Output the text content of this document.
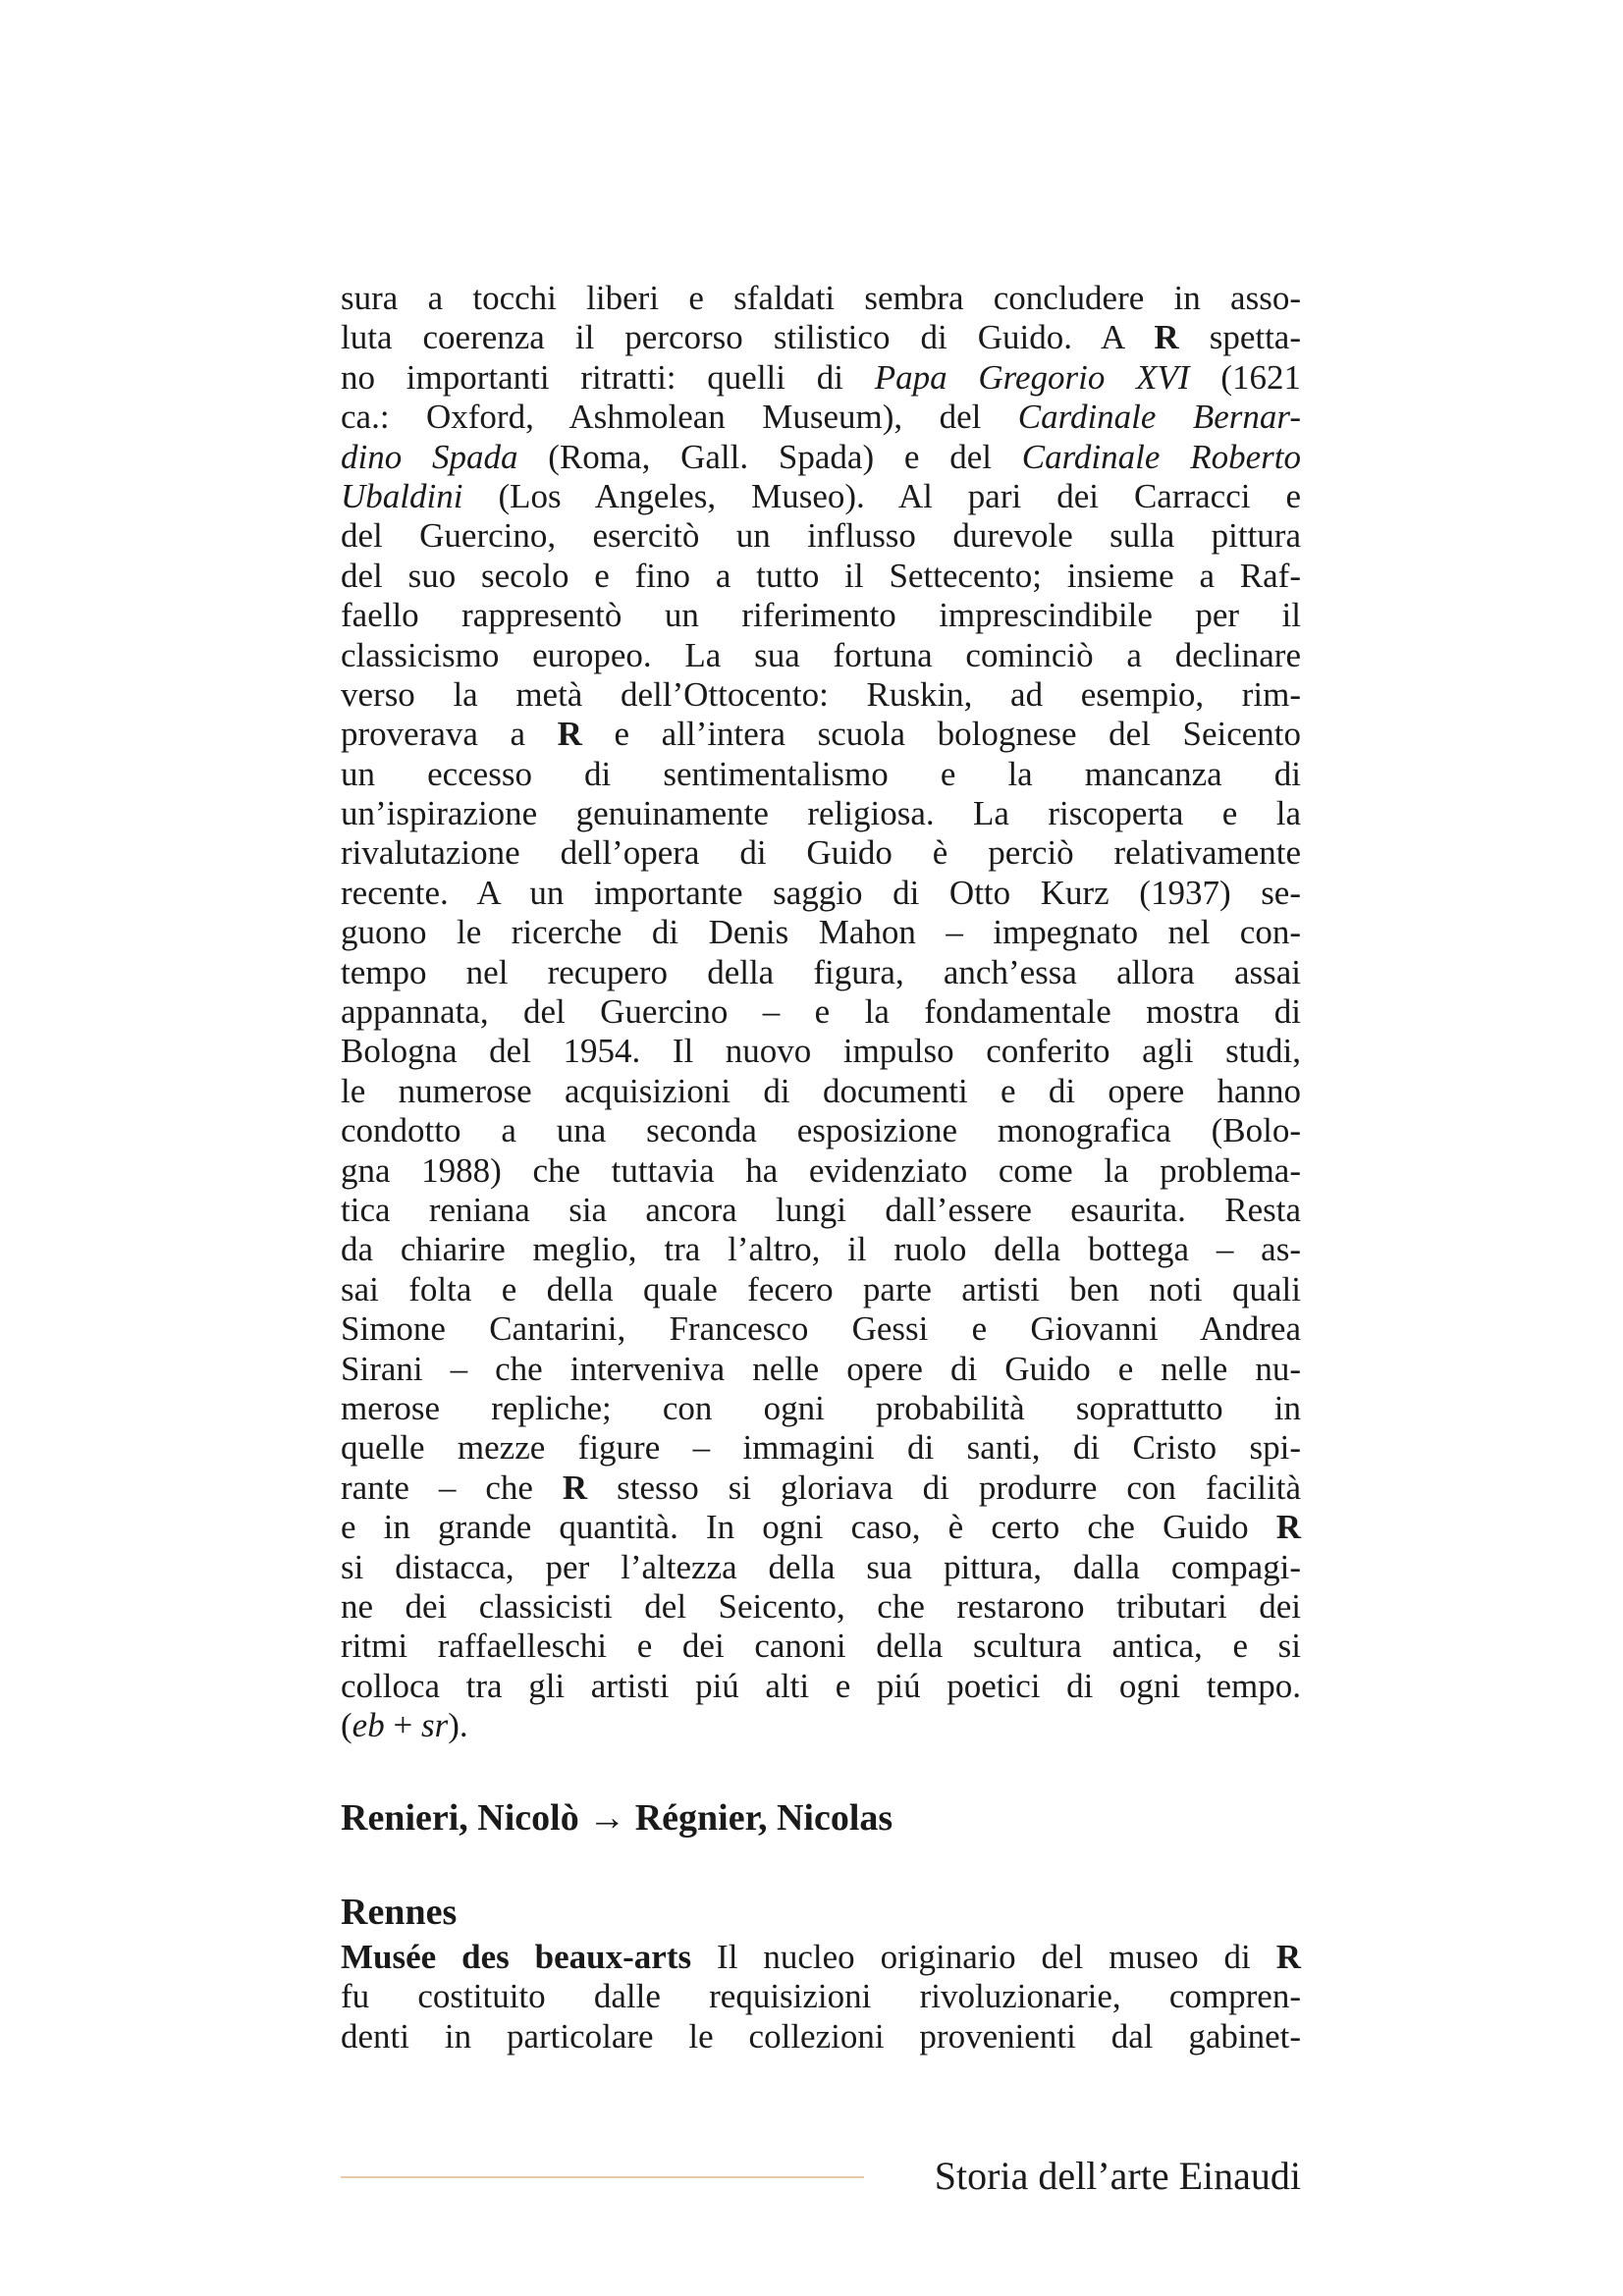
sura a tocchi liberi e sfaldati sembra concludere in asso-
luta coerenza il percorso stilistico di Guido. A R spetta-
no importanti ritratti: quelli di Papa Gregorio XVI (1621
ca.: Oxford, Ashmolean Museum), del Cardinale Bernar-
dino Spada (Roma, Gall. Spada) e del Cardinale Roberto
Ubaldini (Los Angeles, Museo). Al pari dei Carracci e
del Guercino, esercitò un influsso durevole sulla pittura
del suo secolo e fino a tutto il Settecento; insieme a Raf-
faello rappresentò un riferimento imprescindibile per il
classicismo europeo. La sua fortuna cominciò a declinare
verso la metà dell’Ottocento: Ruskin, ad esempio, rim-
proverava a R e all’intera scuola bolognese del Seicento
un eccesso di sentimentalismo e la mancanza di
un’ispirazione genuinamente religiosa. La riscoperta e la
rivalutazione dell’opera di Guido è perciò relativamente
recente. A un importante saggio di Otto Kurz (1937) se-
guono le ricerche di Denis Mahon – impegnato nel con-
tempo nel recupero della figura, anch’essa allora assai
appannata, del Guercino – e la fondamentale mostra di
Bologna del 1954. Il nuovo impulso conferito agli studi,
le numerose acquisizioni di documenti e di opere hanno
condotto a una seconda esposizione monografica (Bolo-
gna 1988) che tuttavia ha evidenziato come la problema-
tica reniana sia ancora lungi dall’essere esaurita. Resta
da chiarire meglio, tra l’altro, il ruolo della bottega – as-
sai folta e della quale fecero parte artisti ben noti quali
Simone Cantarini, Francesco Gessi e Giovanni Andrea
Sirani – che interveniva nelle opere di Guido e nelle nu-
merose repliche; con ogni probabilità soprattutto in
quelle mezze figure – immagini di santi, di Cristo spi-
rante – che R stesso si gloriava di produrre con facilità
e in grande quantità. In ogni caso, è certo che Guido R
si distacca, per l’altezza della sua pittura, dalla compagi-
ne dei classicisti del Seicento, che restarono tributari dei
ritmi raffaelleschi e dei canoni della scultura antica, e si
colloca tra gli artisti piú alti e piú poetici di ogni tempo.
(eb + sr).
Renieri, Nicolò → Régnier, Nicolas
Rennes
Musée des beaux-arts Il nucleo originario del museo di R
fu costituito dalle requisizioni rivoluzionarie, compren-
denti in particolare le collezioni provenienti dal gabinet-
Storia dell’arte Einaudi
